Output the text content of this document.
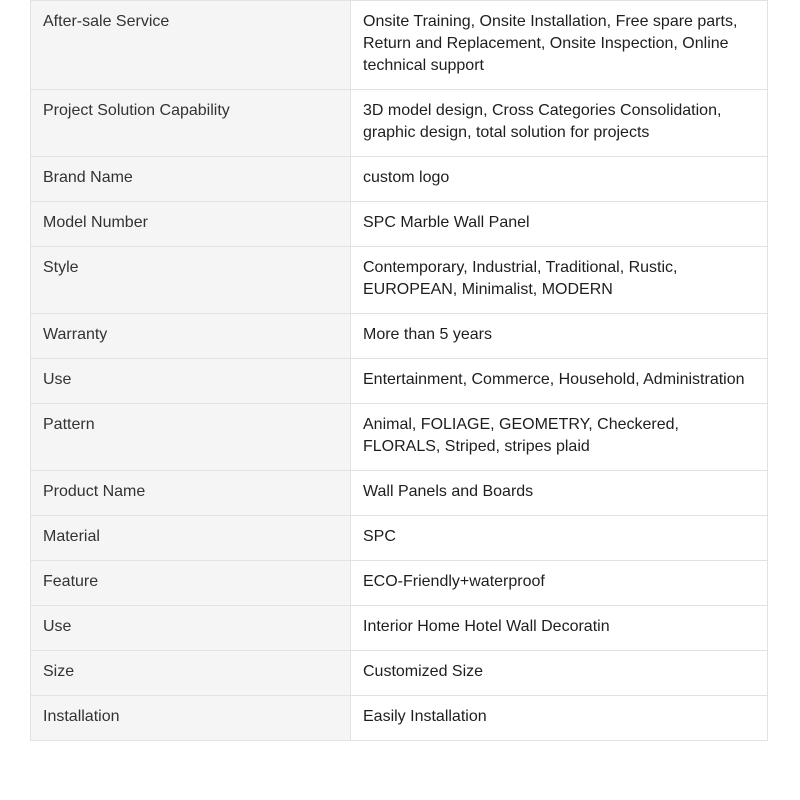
After-sale Service	Onsite Training, Onsite Installation, Free spare parts, Return and Replacement, Onsite Inspection, Online technical support
Project Solution Capability	3D model design, Cross Categories Consolidation, graphic design, total solution for projects
Brand Name	custom logo
Model Number	SPC Marble Wall Panel
Style	Contemporary, Industrial, Traditional, Rustic, EUROPEAN, Minimalist, MODERN
Warranty	More than 5 years
Use	Entertainment, Commerce, Household, Administration
Pattern	Animal, FOLIAGE, GEOMETRY, Checkered, FLORALS, Striped, stripes plaid
Product Name	Wall Panels and Boards
Material	SPC
Feature	ECO-Friendly+waterproof
Use	Interior Home Hotel Wall Decoratin
Size	Customized Size
Installation	Easily Installation
